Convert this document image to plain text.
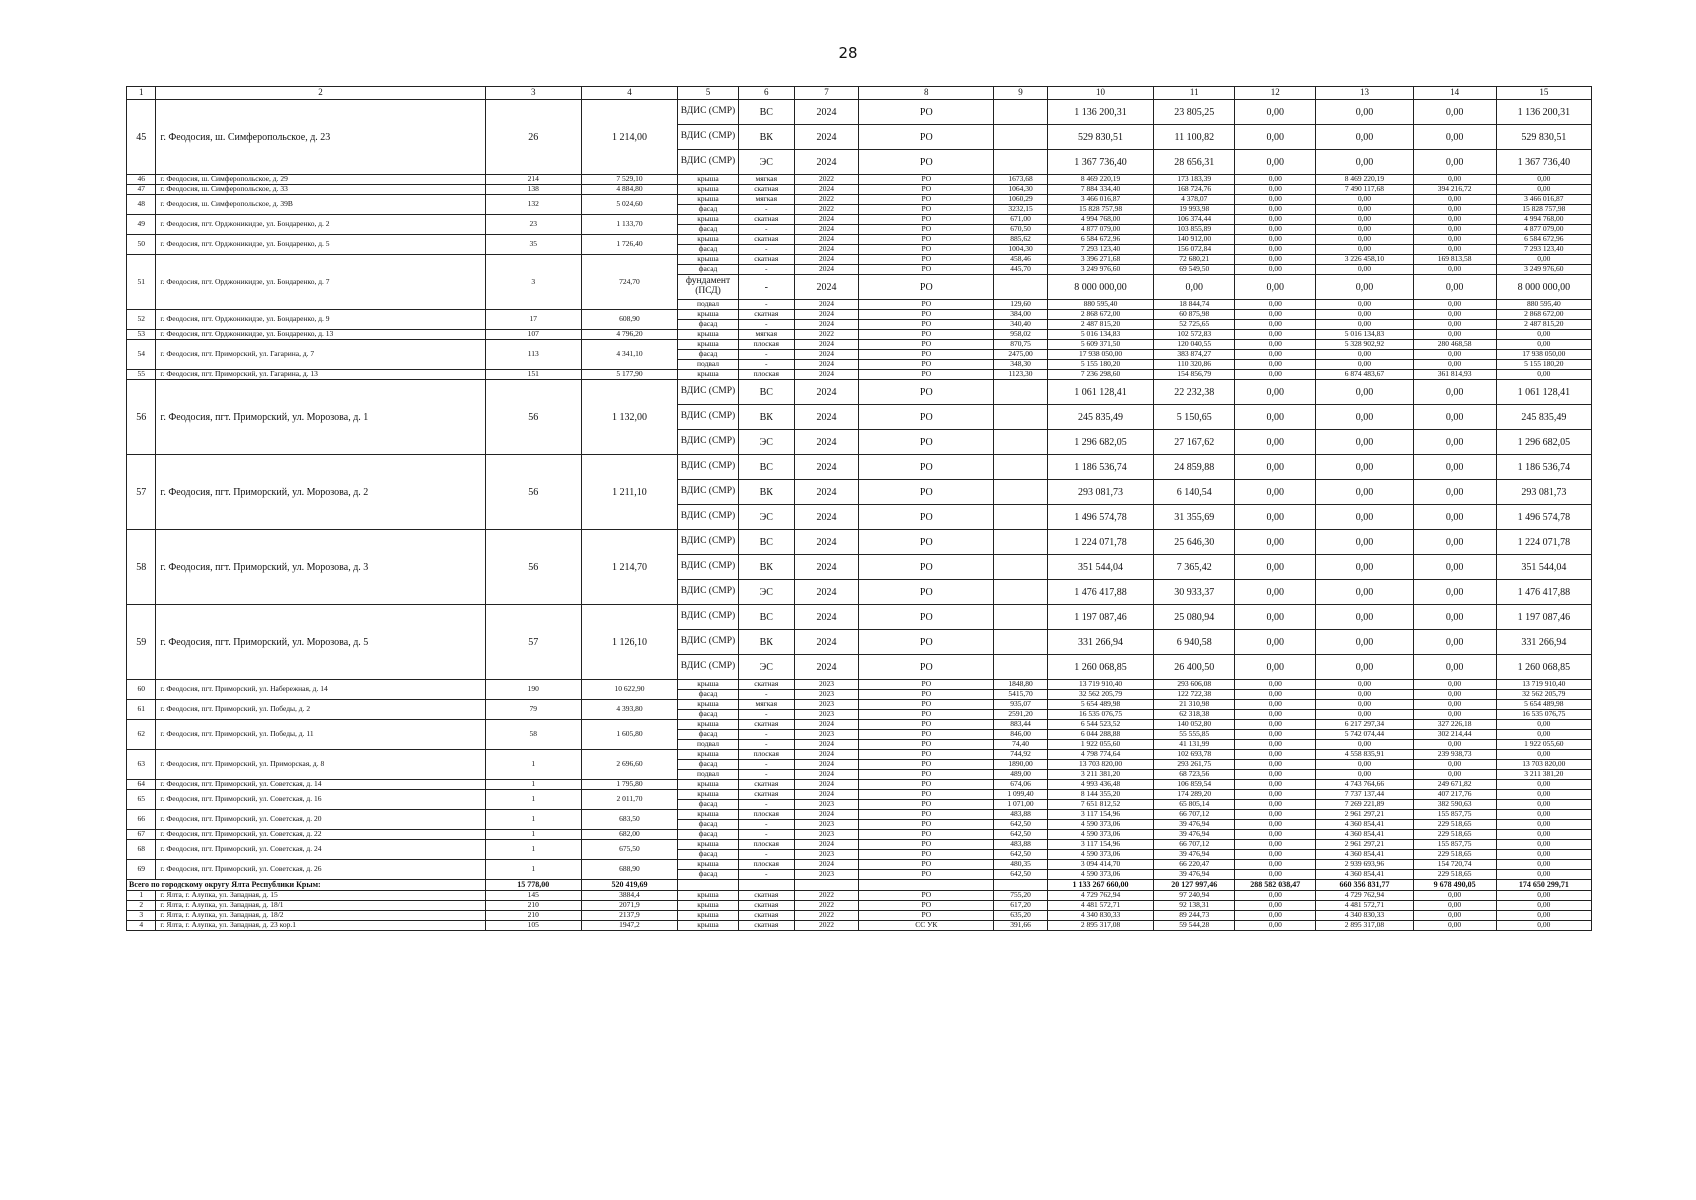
28
1	2	3	4	5	6	7	8	9	10	11	12	13	14	15
45	г. Феодосия, ш. Симферопольское, д. 23	26	1 214,00	ВДИС (СМР)	ВС	2024	РО		1 136 200,31	23 805,25	0,00	0,00	0,00	1 136 200,31
				ВДИС (СМР)	ВК	2024	РО		529 830,51	11 100,82	0,00	0,00	0,00	529 830,51
				ВДИС (СМР)	ЭС	2024	РО		1 367 736,40	28 656,31	0,00	0,00	0,00	1 367 736,40
46	г. Феодосия, ш. Симферопольское, д. 29	214	7 529,10	крыша	мягкая	2022	РО	1673,68	8 469 220,19	173 183,39	0,00	8 469 220,19	0,00	0,00
47	г. Феодосия, ш. Симферопольское, д. 33	138	4 884,80	крыша	скатная	2024	РО	1064,30	7 884 334,40	168 724,76	0,00	7 490 117,68	394 216,72	0,00
48	г. Феодосия, ш. Симферопольское, д. 39В	132	5 024,60	крыша	мягкая	2022	РО	1060,29	3 466 016,87	4 378,07	0,00	0,00	0,00	3 466 016,87
				фасад	-	2022	РО	3232,15	15 828 757,98	19 993,98	0,00	0,00	0,00	15 828 757,98
49	г. Феодосия, пгт. Орджоникидзе, ул. Бондаренко, д. 2	23	1 133,70	крыша	скатная	2024	РО	671,00	4 994 768,00	106 374,44	0,00	0,00	0,00	4 994 768,00
				фасад	-	2024	РО	670,50	4 877 079,00	103 855,89	0,00	0,00	0,00	4 877 079,00
50	г. Феодосия, пгт. Орджоникидзе, ул. Бондаренко, д. 5	35	1 726,40	крыша	скатная	2024	РО	885,62	6 584 672,96	140 912,00	0,00	0,00	0,00	6 584 672,96
				фасад	-	2024	РО	1004,30	7 293 123,40	156 072,84	0,00	0,00	0,00	7 293 123,40
51	г. Феодосия, пгт. Орджоникидзе, ул. Бондаренко, д. 7	3	724,70	крыша	скатная	2024	РО	458,46	3 396 271,68	72 680,21	0,00	3 226 458,10	169 813,58	0,00
				фасад	-	2024	РО	445,70	3 249 976,60	69 549,50	0,00	0,00	0,00	3 249 976,60
				фундамент (ПСД)	-	2024	РО		8 000 000,00	0,00	0,00	0,00	0,00	8 000 000,00
				подвал	-	2024	РО	129,60	880 595,40	18 844,74	0,00	0,00	0,00	880 595,40
52	г. Феодосия, пгт. Орджоникидзе, ул. Бондаренко, д. 9	17	608,90	крыша	скатная	2024	РО	384,00	2 868 672,00	60 875,98	0,00	0,00	0,00	2 868 672,00
				фасад	-	2024	РО	340,40	2 487 815,20	52 725,65	0,00	0,00	0,00	2 487 815,20
53	г. Феодосия, пгт. Орджоникидзе, ул. Бондаренко, д. 13	107	4 796,20	крыша	мягкая	2022	РО	958,02	5 016 134,83	102 572,83	0,00	5 016 134,83	0,00	0,00
54	г. Феодосия, пгт. Приморский, ул. Гагарина, д. 7	113	4 341,10	крыша	плоская	2024	РО	870,75	5 609 371,50	120 040,55	0,00	5 328 902,92	280 468,58	0,00
				фасад	-	2024	РО	2475,00	17 938 050,00	383 874,27	0,00	0,00	0,00	17 938 050,00
				подвал	-	2024	РО	348,30	5 155 180,20	110 320,86	0,00	0,00	0,00	5 155 180,20
55	г. Феодосия, пгт. Приморский, ул. Гагарина, д. 13	151	5 177,90	крыша	плоская	2024	РО	1123,30	7 236 298,60	154 856,79	0,00	6 874 483,67	361 814,93	0,00
56	г. Феодосия, пгт. Приморский, ул. Морозова, д. 1	56	1 132,00	ВДИС (СМР)	ВС	2024	РО		1 061 128,41	22 232,38	0,00	0,00	0,00	1 061 128,41
				ВДИС (СМР)	ВК	2024	РО		245 835,49	5 150,65	0,00	0,00	0,00	245 835,49
				ВДИС (СМР)	ЭС	2024	РО		1 296 682,05	27 167,62	0,00	0,00	0,00	1 296 682,05
57	г. Феодосия, пгт. Приморский, ул. Морозова, д. 2	56	1 211,10	ВДИС (СМР)	ВС	2024	РО		1 186 536,74	24 859,88	0,00	0,00	0,00	1 186 536,74
				ВДИС (СМР)	ВК	2024	РО		293 081,73	6 140,54	0,00	0,00	0,00	293 081,73
				ВДИС (СМР)	ЭС	2024	РО		1 496 574,78	31 355,69	0,00	0,00	0,00	1 496 574,78
58	г. Феодосия, пгт. Приморский, ул. Морозова, д. 3	56	1 214,70	ВДИС (СМР)	ВС	2024	РО		1 224 071,78	25 646,30	0,00	0,00	0,00	1 224 071,78
				ВДИС (СМР)	ВК	2024	РО		351 544,04	7 365,42	0,00	0,00	0,00	351 544,04
				ВДИС (СМР)	ЭС	2024	РО		1 476 417,88	30 933,37	0,00	0,00	0,00	1 476 417,88
59	г. Феодосия, пгт. Приморский, ул. Морозова, д. 5	57	1 126,10	ВДИС (СМР)	ВС	2024	РО		1 197 087,46	25 080,94	0,00	0,00	0,00	1 197 087,46
				ВДИС (СМР)	ВК	2024	РО		331 266,94	6 940,58	0,00	0,00	0,00	331 266,94
				ВДИС (СМР)	ЭС	2024	РО		1 260 068,85	26 400,50	0,00	0,00	0,00	1 260 068,85
60	г. Феодосия, пгт. Приморский, ул. Набережная, д. 14	190	10 622,90	крыша	скатная	2023	РО	1848,80	13 719 910,40	293 606,08	0,00	0,00	0,00	13 719 910,40
				фасад	-	2023	РО	5415,70	32 562 205,79	122 722,38	0,00	0,00	0,00	32 562 205,79
61	г. Феодосия, пгт. Приморский, ул. Победы, д. 2	79	4 393,80	крыша	мягкая	2023	РО	935,07	5 654 489,98	21 310,98	0,00	0,00	0,00	5 654 489,98
				фасад	-	2023	РО	2591,20	16 535 076,75	62 318,38	0,00	0,00	0,00	16 535 076,75
62	г. Феодосия, пгт. Приморский, ул. Победы, д. 11	58	1 605,80	крыша	скатная	2024	РО	883,44	6 544 523,52	140 052,80	0,00	6 217 297,34	327 226,18	0,00
				фасад	-	2023	РО	846,00	6 044 288,88	55 555,85	0,00	5 742 074,44	302 214,44	0,00
				подвал	-	2024	РО	74,40	1 922 055,60	41 131,99	0,00	0,00	0,00	1 922 055,60
63	г. Феодосия, пгт. Приморский, ул. Приморская, д. 8	1	2 696,60	крыша	плоская	2024	РО	744,92	4 798 774,64	102 693,78	0,00	4 558 835,91	239 938,73	0,00
				фасад	-	2024	РО	1890,00	13 703 820,00	293 261,75	0,00	0,00	0,00	13 703 820,00
				подвал	-	2024	РО	489,00	3 211 381,20	68 723,56	0,00	0,00	0,00	3 211 381,20
64	г. Феодосия, пгт. Приморский, ул. Советская, д. 14	1	1 795,80	крыша	скатная	2024	РО	674,06	4 993 436,48	106 859,54	0,00	4 743 764,66	249 671,82	0,00
65	г. Феодосия, пгт. Приморский, ул. Советская, д. 16	1	2 011,70	крыша	скатная	2024	РО	1 099,40	8 144 355,20	174 289,20	0,00	7 737 137,44	407 217,76	0,00
				фасад	-	2023	РО	1 071,00	7 651 812,52	65 805,14	0,00	7 269 221,89	382 590,63	0,00
66	г. Феодосия, пгт. Приморский, ул. Советская, д. 20	1	683,50	крыша	плоская	2024	РО	483,88	3 117 154,96	66 707,12	0,00	2 961 297,21	155 857,75	0,00
				фасад	-	2023	РО	642,50	4 590 373,06	39 476,94	0,00	4 360 854,41	229 518,65	0,00
67	г. Феодосия, пгт. Приморский, ул. Советская, д. 22	1	682,00	фасад	-	2023	РО	642,50	4 590 373,06	39 476,94	0,00	4 360 854,41	229 518,65	0,00
68	г. Феодосия, пгт. Приморский, ул. Советская, д. 24	1	675,50	крыша	плоская	2024	РО	483,88	3 117 154,96	66 707,12	0,00	2 961 297,21	155 857,75	0,00
				фасад	-	2023	РО	642,50	4 590 373,06	39 476,94	0,00	4 360 854,41	229 518,65	0,00
69	г. Феодосия, пгт. Приморский, ул. Советская, д. 26	1	688,90	крыша	плоская	2024	РО	480,35	3 094 414,70	66 220,47	0,00	2 939 693,96	154 720,74	0,00
				фасад	-	2023	РО	642,50	4 590 373,06	39 476,94	0,00	4 360 854,41	229 518,65	0,00
Всего по городскому округу Ялта Республики Крым:		15 778,00	520 419,69						1 133 267 660,00	20 127 997,46	288 582 038,47	660 356 831,77	9 678 490,05	174 650 299,71
1	г. Ялта, г. Алупка, ул. Западная, д. 15	145	3884,4	крыша	скатная	2022	РО	755,20	4 729 762,94	97 240,94	0,00	4 729 762,94	0,00	0,00
2	г. Ялта, г. Алупка, ул. Западная, д. 18/1	210	2071,9	крыша	скатная	2022	РО	617,20	4 481 572,71	92 138,31	0,00	4 481 572,71	0,00	0,00
3	г. Ялта, г. Алупка, ул. Западная, д. 18/2	210	2137,9	крыша	скатная	2022	РО	635,20	4 340 830,33	89 244,73	0,00	4 340 830,33	0,00	0,00
4	г. Ялта, г. Алупка, ул. Западная, д. 23 кор.1	105	1947,2	крыша	скатная	2022	СС УК	391,66	2 895 317,08	59 544,28	0,00	2 895 317,08	0,00	0,00
